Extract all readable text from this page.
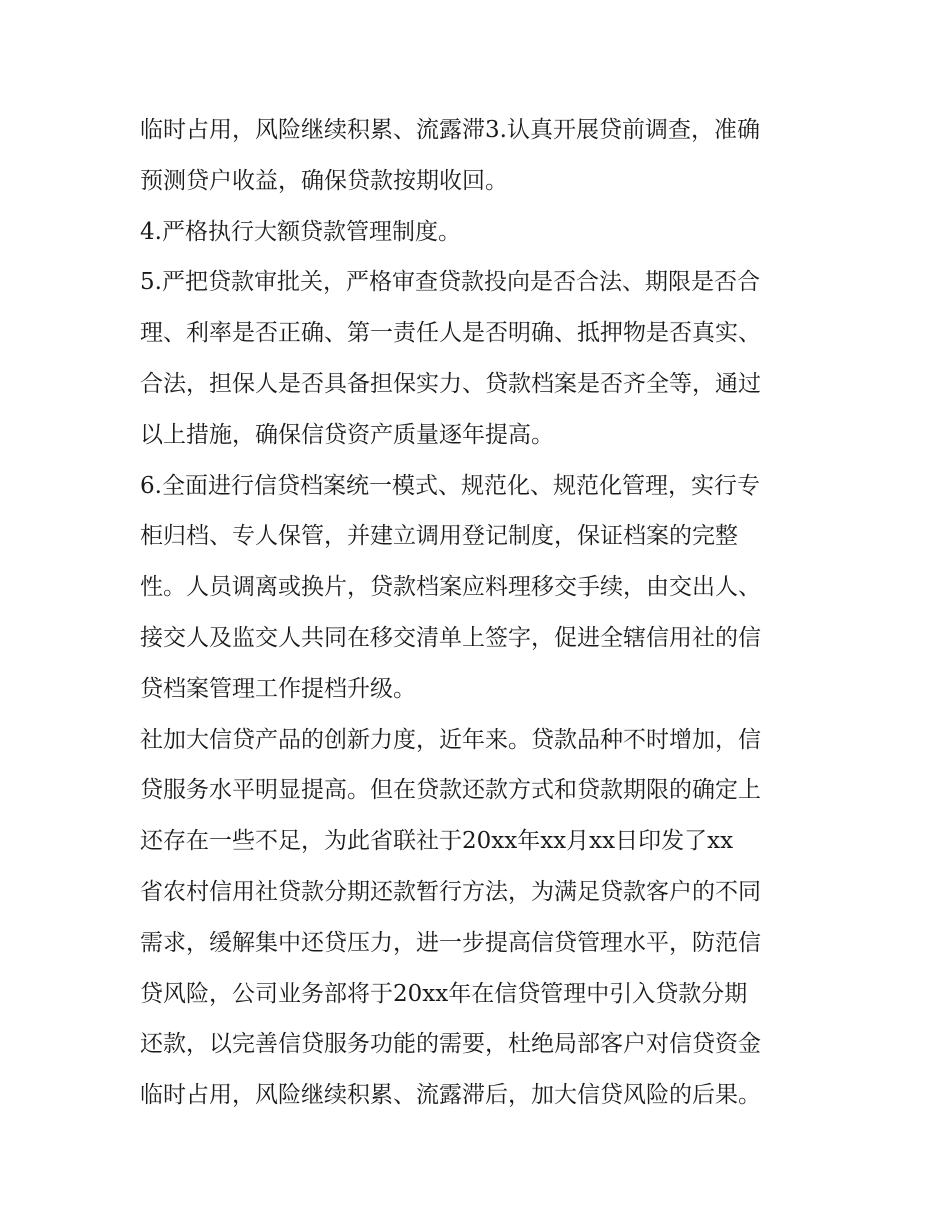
临时占用，风险继续积累、流露滞3.认真开展贷前调查，准确
预测贷户收益，确保贷款按期收回。
4.严格执行大额贷款管理制度。
5.严把贷款审批关，严格审查贷款投向是否合法、期限是否合
理、利率是否正确、第一责任人是否明确、抵押物是否真实、
合法，担保人是否具备担保实力、贷款档案是否齐全等，通过
以上措施，确保信贷资产质量逐年提高。
6.全面进行信贷档案统一模式、规范化、规范化管理，实行专
柜归档、专人保管，并建立调用登记制度，保证档案的完整
性。人员调离或换片，贷款档案应料理移交手续，由交出人、
接交人及监交人共同在移交清单上签字，促进全辖信用社的信
贷档案管理工作提档升级。
社加大信贷产品的创新力度，近年来。贷款品种不时增加，信
贷服务水平明显提高。但在贷款还款方式和贷款期限的确定上
还存在一些不足，为此省联社于20xx年xx月xx日印发了xx
省农村信用社贷款分期还款暂行方法，为满足贷款客户的不同
需求，缓解集中还贷压力，进一步提高信贷管理水平，防范信
贷风险，公司业务部将于20xx年在信贷管理中引入贷款分期
还款，以完善信贷服务功能的需要，杜绝局部客户对信贷资金
临时占用，风险继续积累、流露滞后，加大信贷风险的后果。
